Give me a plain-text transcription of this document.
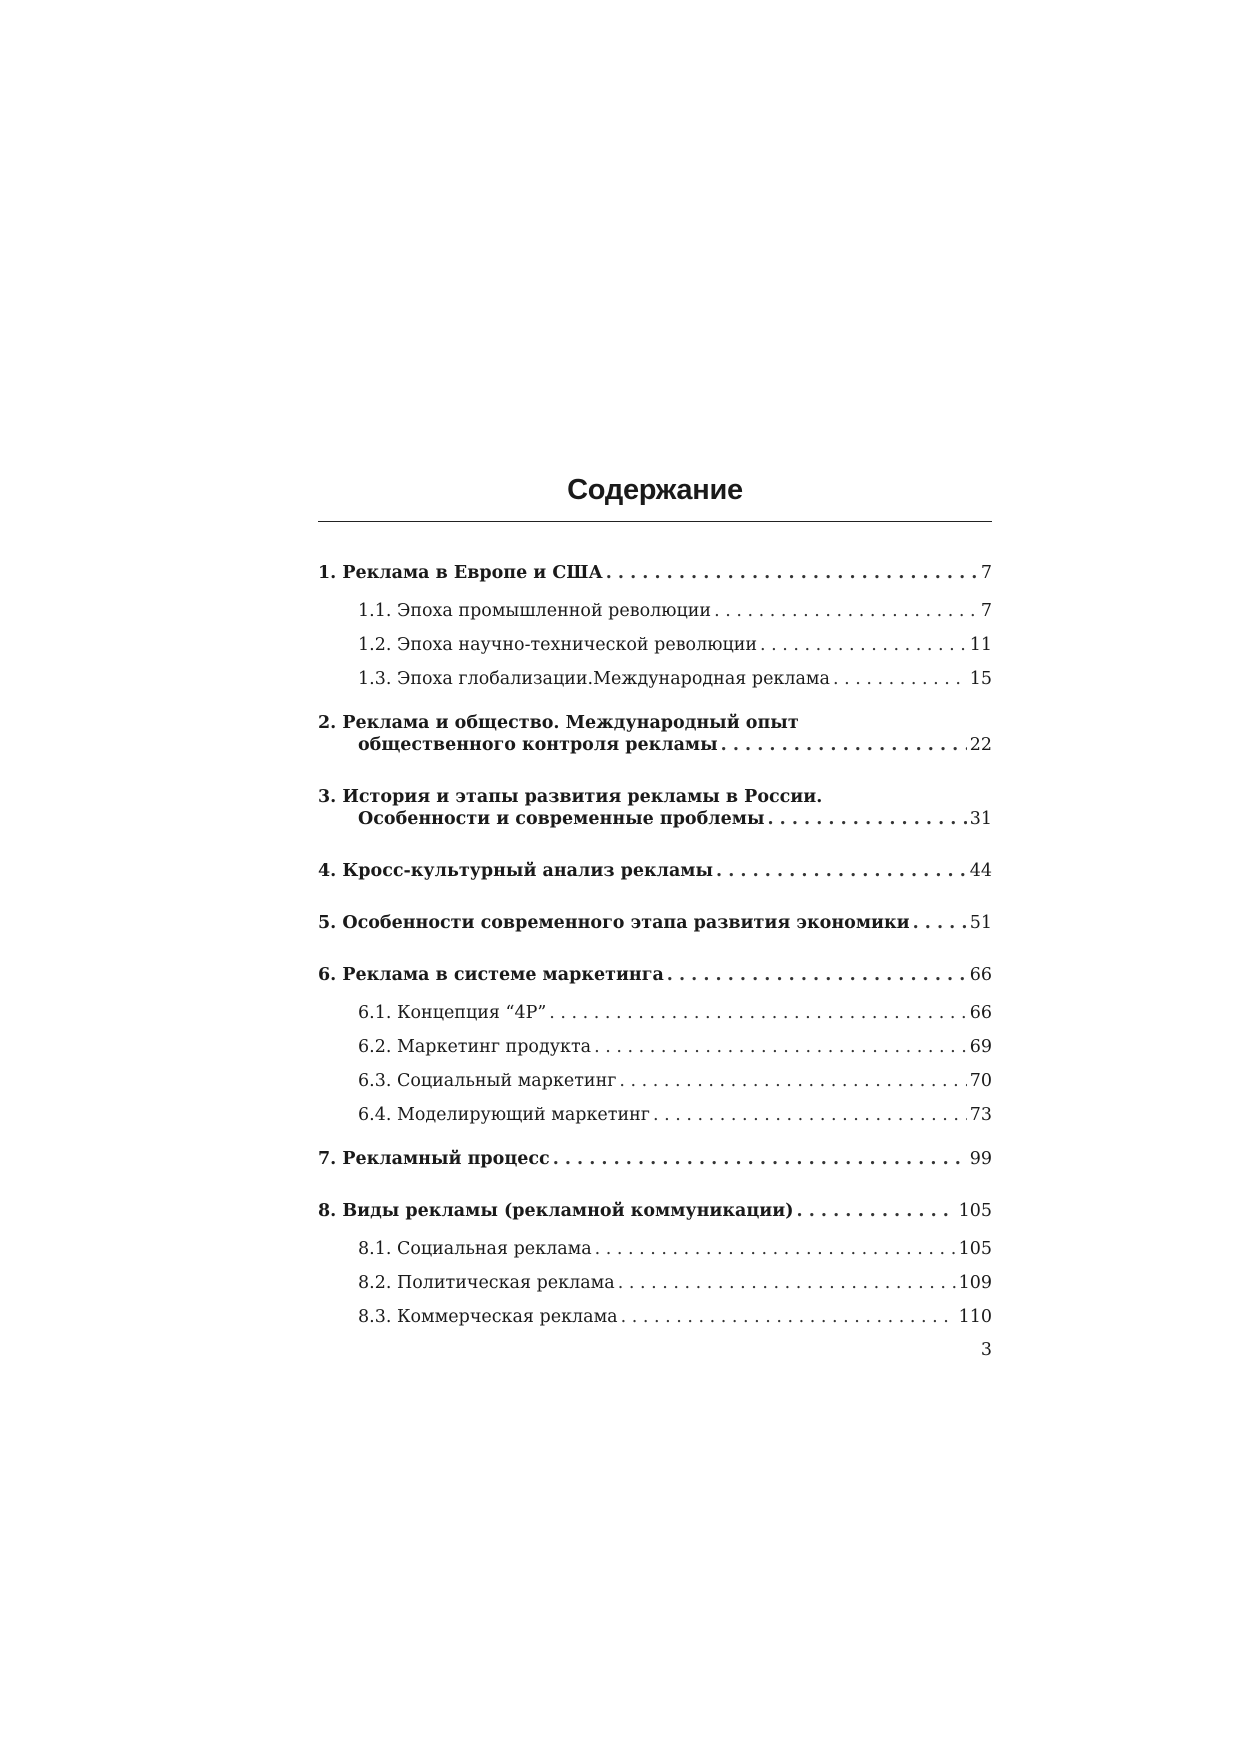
Содержание
1. Реклама в Европе и США . . .	7
1.1. Эпоха промышленной революции . . .	7
1.2. Эпоха научно-технической революции . . .	11
1.3. Эпоха глобализации.Международная реклама . . .	15
2. Реклама и общество. Международный опыт
общественного контроля рекламы . . .	22
3. История и этапы развития рекламы в России.
Особенности и современные проблемы . . .	31
4. Кросс-культурный анализ рекламы . . .	44
5. Особенности современного этапа развития экономики . . .	51
6. Реклама в системе маркетинга . . .	66
6.1. Концепция “4P” . . .	66
6.2. Маркетинг продукта . . .	69
6.3. Социальный маркетинг . . .	70
6.4. Моделирующий маркетинг . . .	73
7. Рекламный процесс . . .	99
8. Виды рекламы (рекламной коммуникации) . . .	105
8.1. Социальная реклама . . .	105
8.2. Политическая реклама . . .	109
8.3. Коммерческая реклама . . .	110
3
